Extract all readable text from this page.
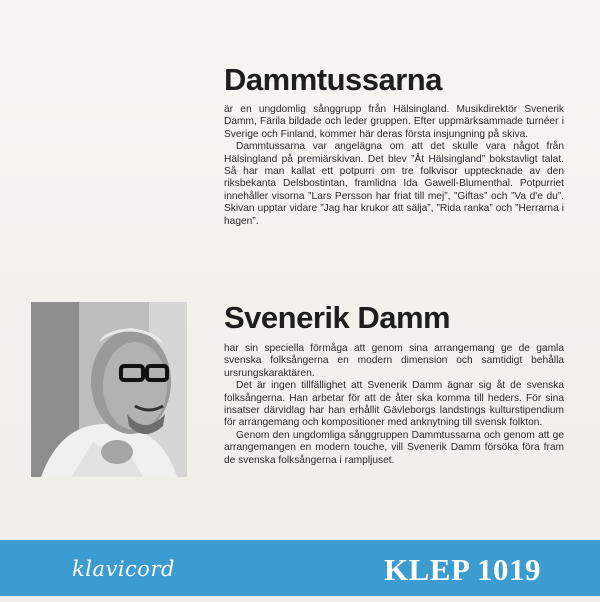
Dammtussarna

är en ungdomlig sånggrupp från Hälsingland. Musikdirektör Svenerik Damm, Färila bildade och leder gruppen. Efter uppmärksammade turnéer i Sverige och Finland, kommer här deras första insjungning på skiva.

Dammtussarna var angelägna om att det skulle vara något från Hälsingland på premiärskivan. Det blev ”Åt Hälsingland” bokstavligt talat. Så har man kallat ett potpurri om tre folkvisor upptecknade av den riksbekanta Delsbostintan, framlidna Ida Gawell-Blumenthal. Potpurriet innehåller visorna ”Lars Persson har friat till mej”, ”Giftas” och ”Va d'e du”. Skivan upptar vidare ”Jag har krukor att sälja”, ”Rida ranka” och ”Herrarna i hagen”.

Svenerik Damm

har sin speciella förmåga att genom sina arrangemang ge de gamla svenska folksångerna en modern dimension och samtidigt behålla ursrungskaraktären.

Det är ingen tillfällighet att Svenerik Damm ägnar sig åt de svenska folksångerna. Han arbetar för att de åter ska komma till heders. För sina insatser därvidlag har han erhållit Gävleborgs landstings kulturstipendium för arrangemang och kompositioner med anknytning till svensk folkton.

Genom den ungdomliga sånggruppen Dammtussarna och genom att ge arrangemangen en modern touche, vill Svenerik Damm försöka föra fram de svenska folksångerna i rampljuset.

klavicord	KLEP 1019
